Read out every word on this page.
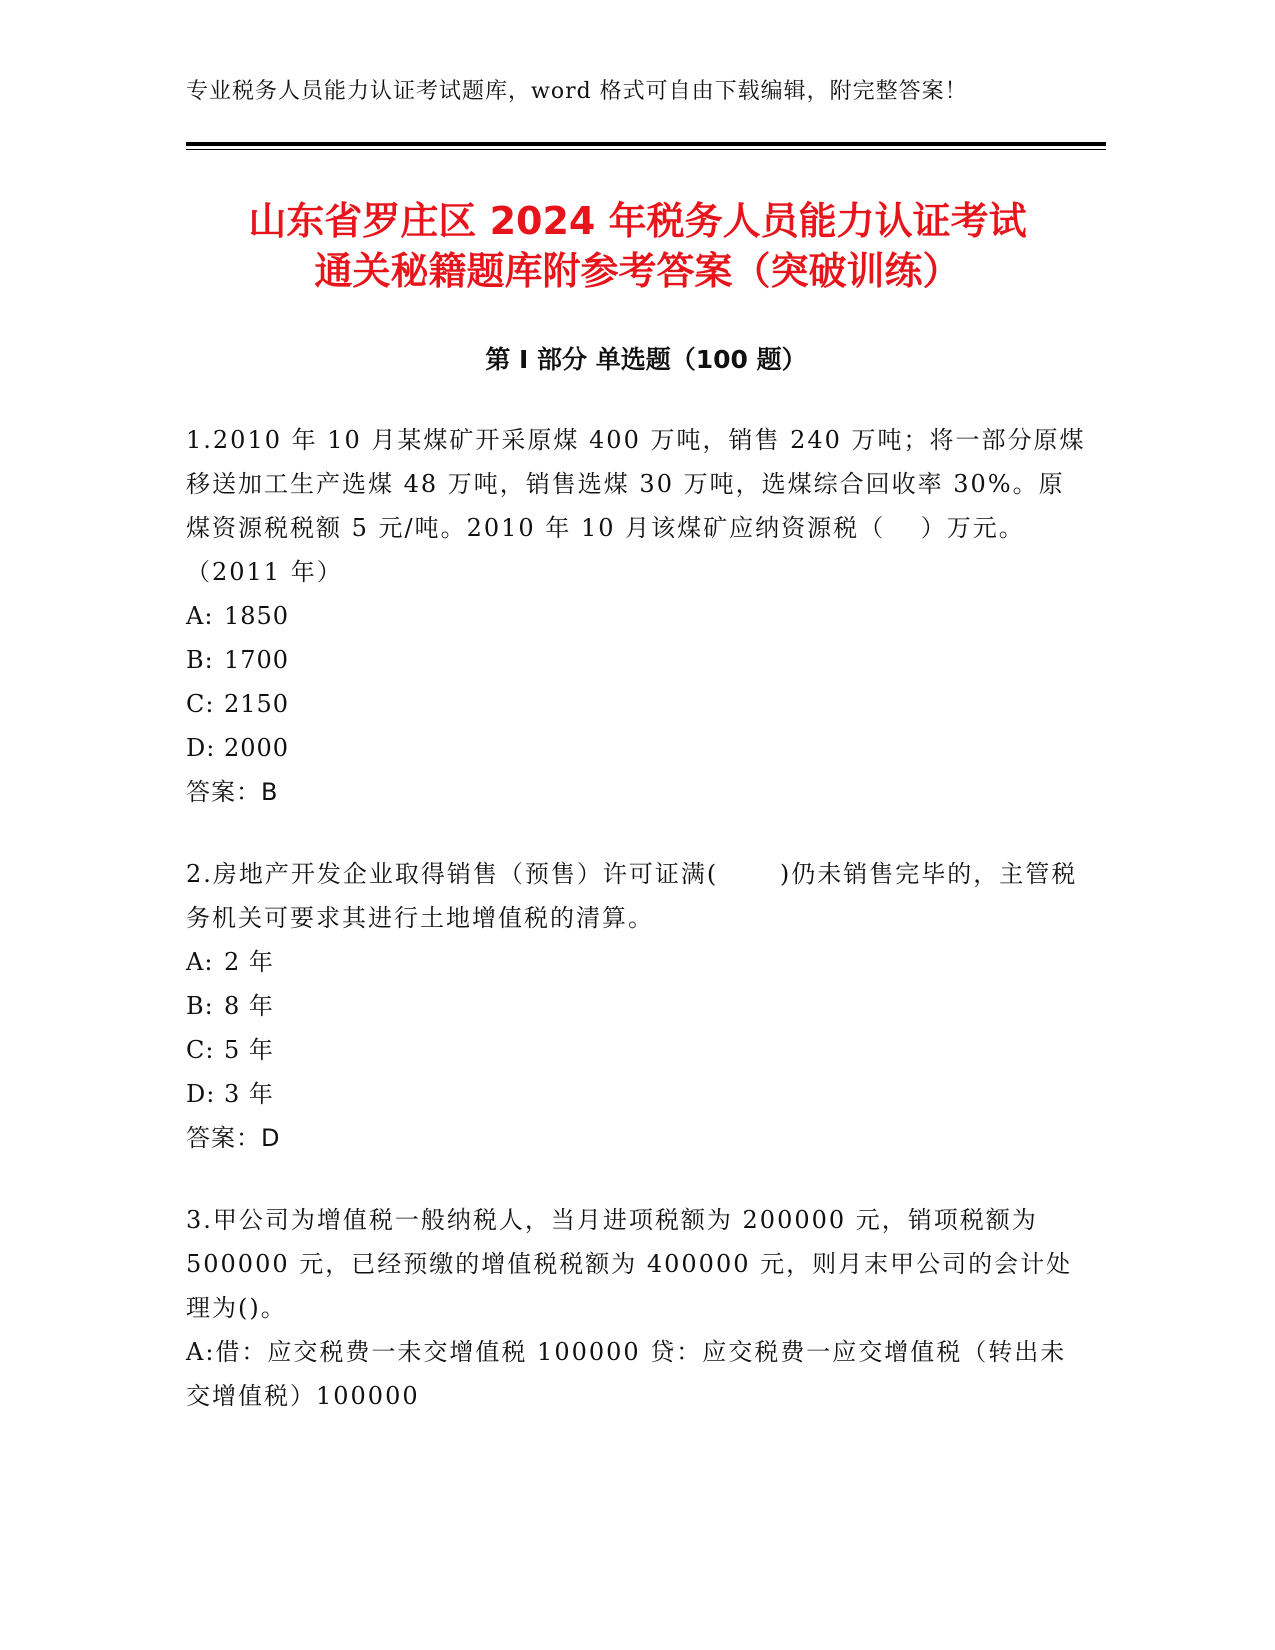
专业税务人员能力认证考试题库，word 格式可自由下载编辑，附完整答案！
山东省罗庄区 2024 年税务人员能力认证考试
通关秘籍题库附参考答案（突破训练）
第 I 部分 单选题（100 题）

1.2010 年 10 月某煤矿开采原煤 400 万吨，销售 240 万吨；将一部分原煤移送加工生产选煤 48 万吨，销售选煤 30 万吨，选煤综合回收率 30%。原煤资源税税额 5 元/吨。2010 年 10 月该煤矿应纳资源税（　 ）万元。（2011 年）

A: 1850

B: 1700

C: 2150

D: 2000

答案：B

2.房地产开发企业取得销售（预售）许可证满(　　 )仍未销售完毕的，主管税务机关可要求其进行土地增值税的清算。

A: 2 年

B: 8 年

C: 5 年

D: 3 年

答案：D

3.甲公司为增值税一般纳税人，当月进项税额为 200000 元，销项税额为 500000 元，已经预缴的增值税税额为 400000 元，则月末甲公司的会计处理为()。

A:借：应交税费一未交增值税 100000 贷：应交税费一应交增值税（转出未交增值税）100000
